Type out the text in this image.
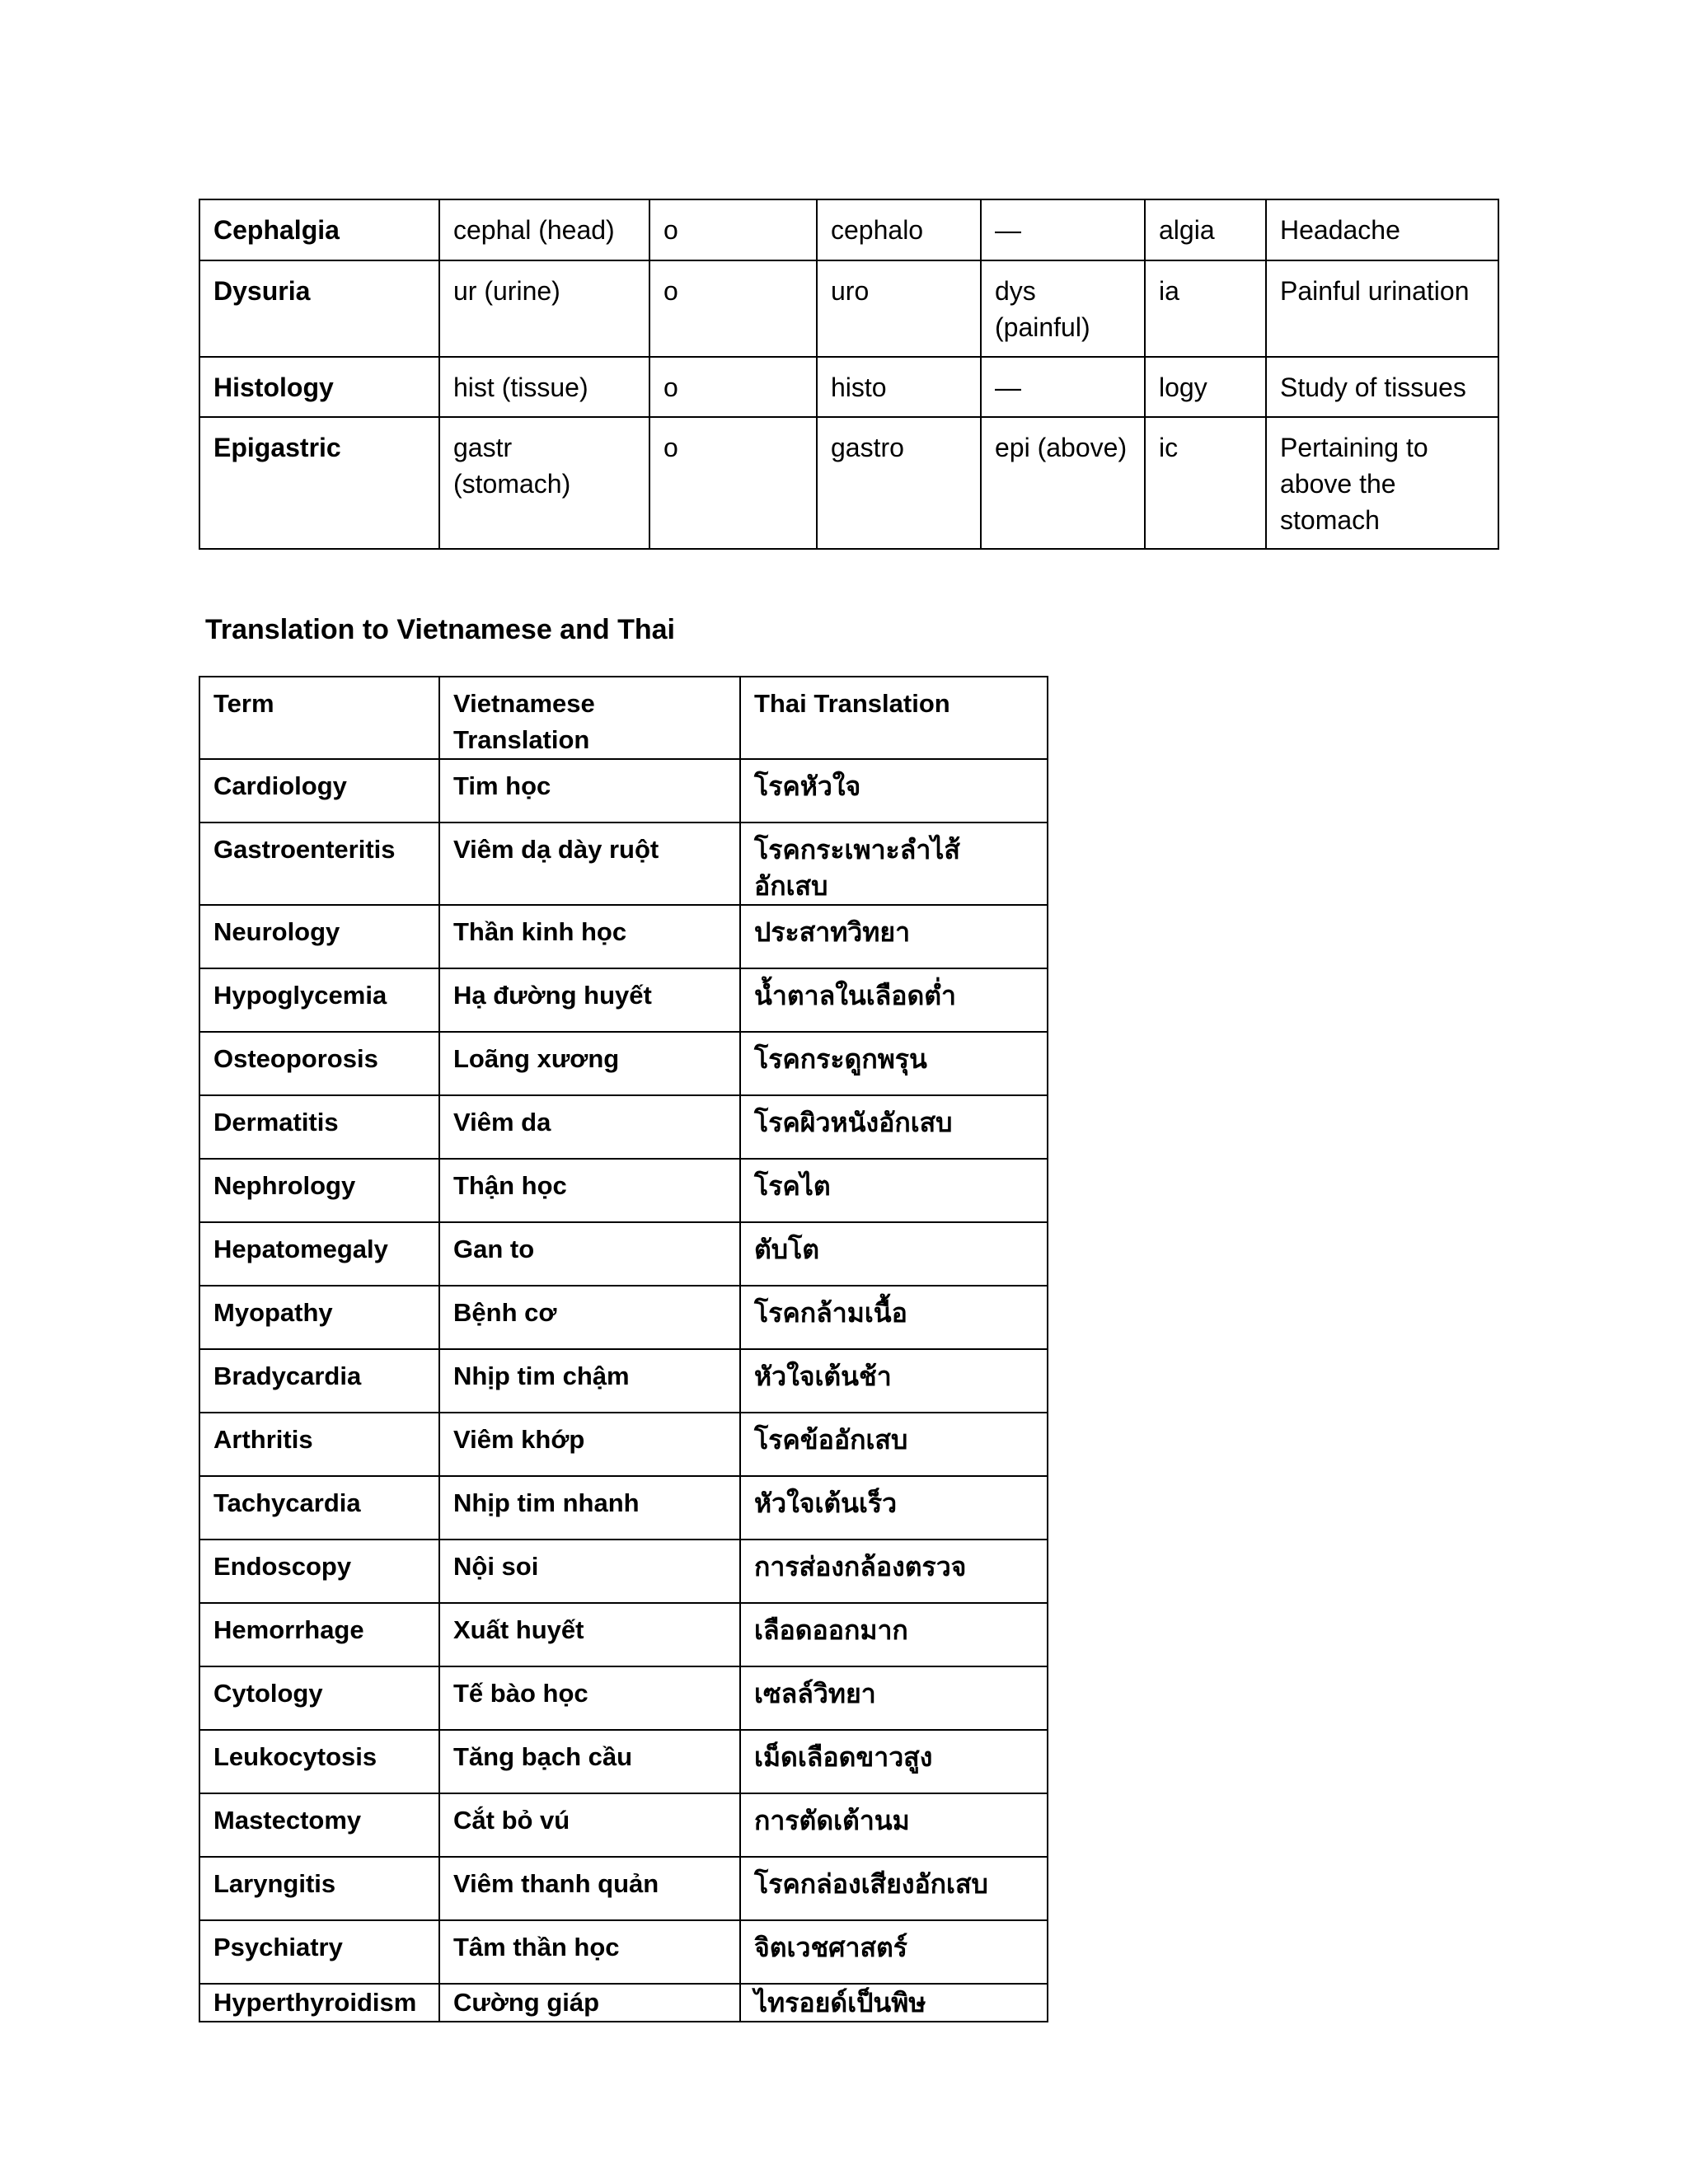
Cephalgia	cephal (head)	o	cephalo	—	algia	Headache
Dysuria	ur (urine)	o	uro	dys (painful)	ia	Painful urination
Histology	hist (tissue)	o	histo	—	logy	Study of tissues
Epigastric	gastr (stomach)	o	gastro	epi (above)	ic	Pertaining to above the stomach
Translation to Vietnamese and Thai
Term	Vietnamese Translation	Thai Translation
Cardiology	Tim học	โรคหัวใจ
Gastroenteritis	Viêm dạ dày ruột	โรคกระเพาะลำไส้อักเสบ
Neurology	Thần kinh học	ประสาทวิทยา
Hypoglycemia	Hạ đường huyết	น้ำตาลในเลือดต่ำ
Osteoporosis	Loãng xương	โรคกระดูกพรุน
Dermatitis	Viêm da	โรคผิวหนังอักเสบ
Nephrology	Thận học	โรคไต
Hepatomegaly	Gan to	ตับโต
Myopathy	Bệnh cơ	โรคกล้ามเนื้อ
Bradycardia	Nhịp tim chậm	หัวใจเต้นช้า
Arthritis	Viêm khớp	โรคข้ออักเสบ
Tachycardia	Nhịp tim nhanh	หัวใจเต้นเร็ว
Endoscopy	Nội soi	การส่องกล้องตรวจ
Hemorrhage	Xuất huyết	เลือดออกมาก
Cytology	Tế bào học	เซลล์วิทยา
Leukocytosis	Tăng bạch cầu	เม็ดเลือดขาวสูง
Mastectomy	Cắt bỏ vú	การตัดเต้านม
Laryngitis	Viêm thanh quản	โรคกล่องเสียงอักเสบ
Psychiatry	Tâm thần học	จิตเวชศาสตร์
Hyperthyroidism	Cường giáp	ไทรอยด์เป็นพิษ
